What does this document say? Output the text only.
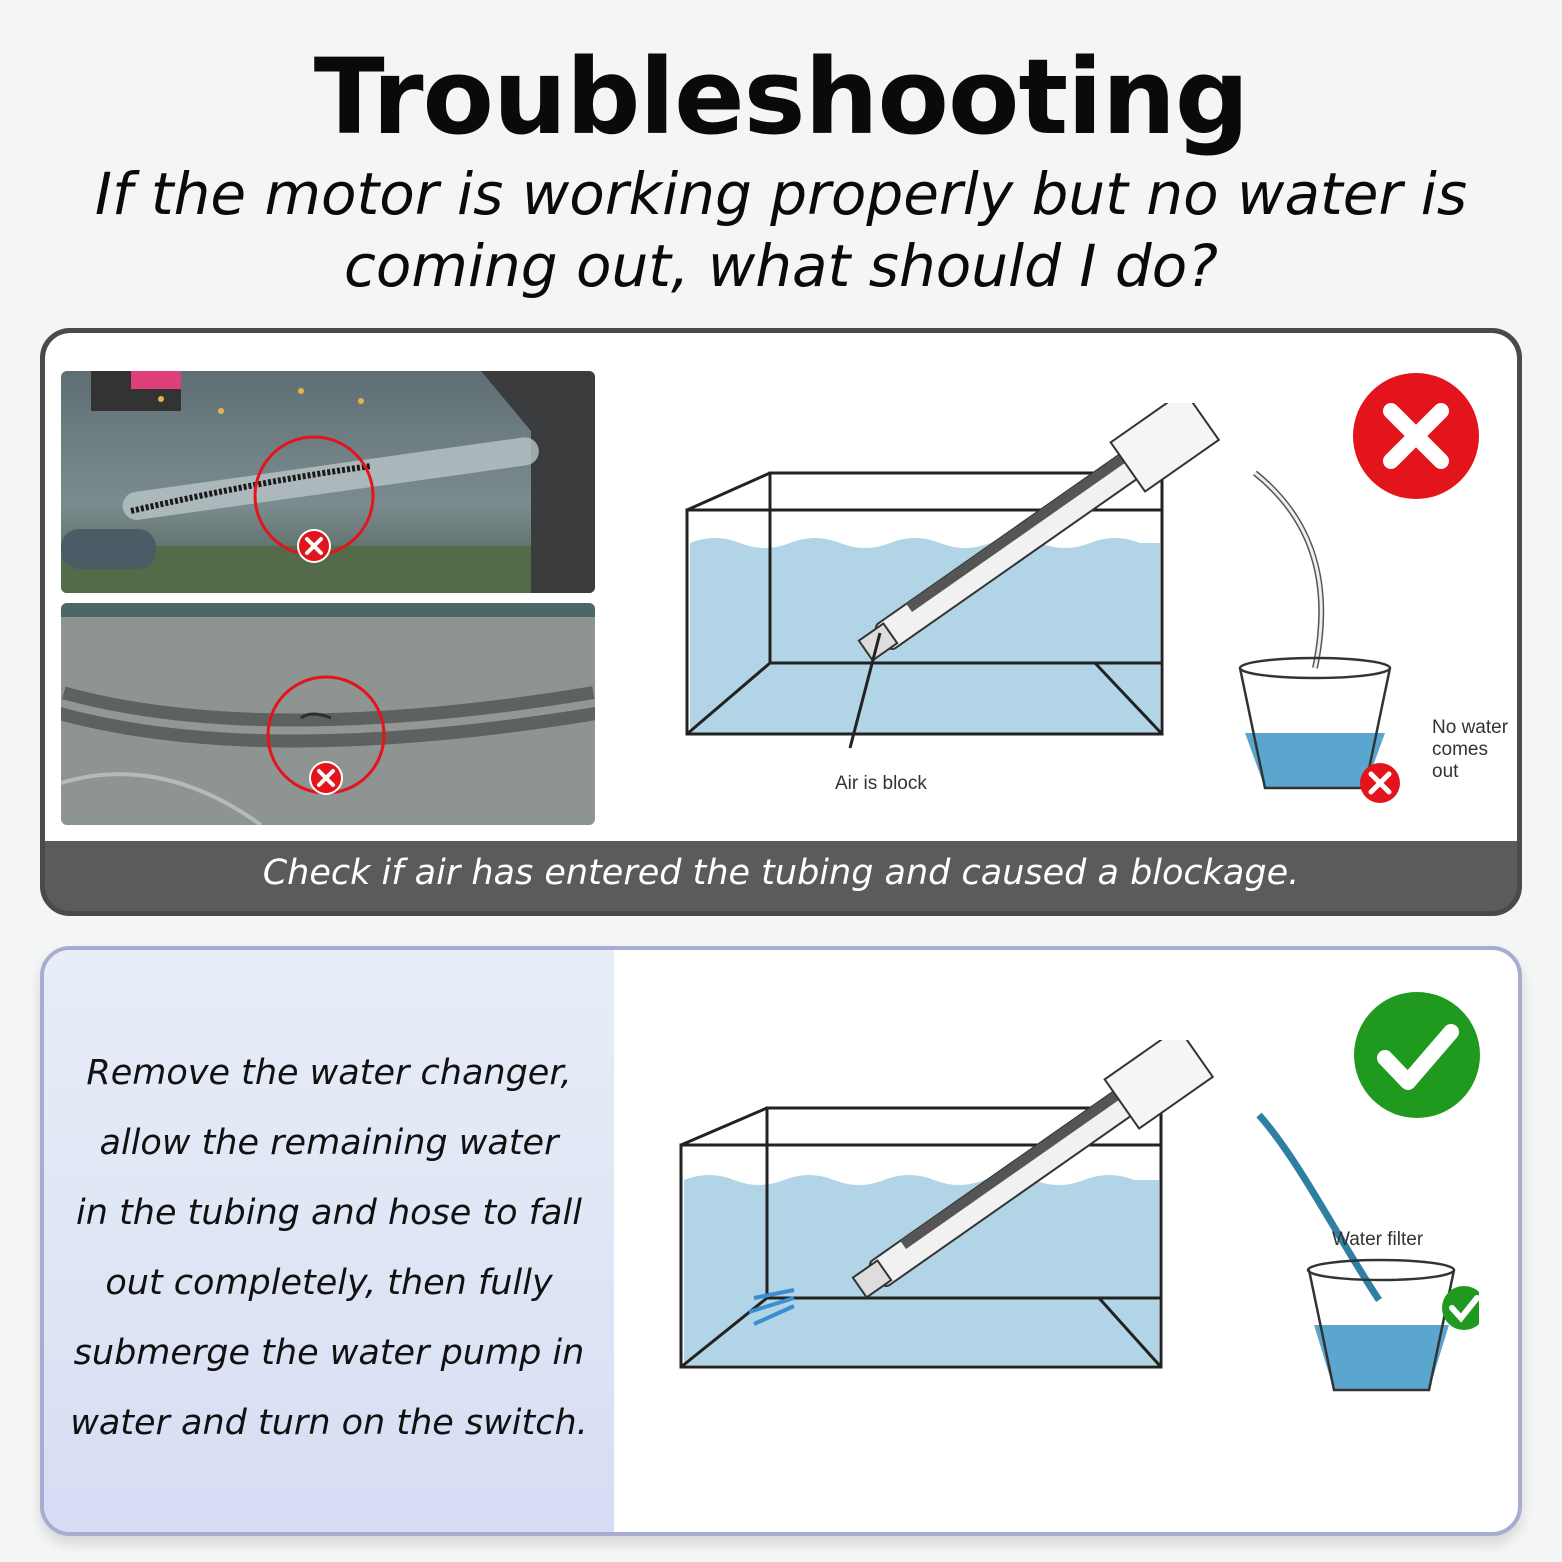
Troubleshooting
If the motor is working properly but no water is coming out, what should I do?
Air is block
No water
comes out
Check if air has entered the tubing and caused a blockage.
Remove the water changer,
allow the remaining water
in the tubing and hose to fall
out completely, then fully
submerge the water pump in
water and turn on the switch.
Water filter
